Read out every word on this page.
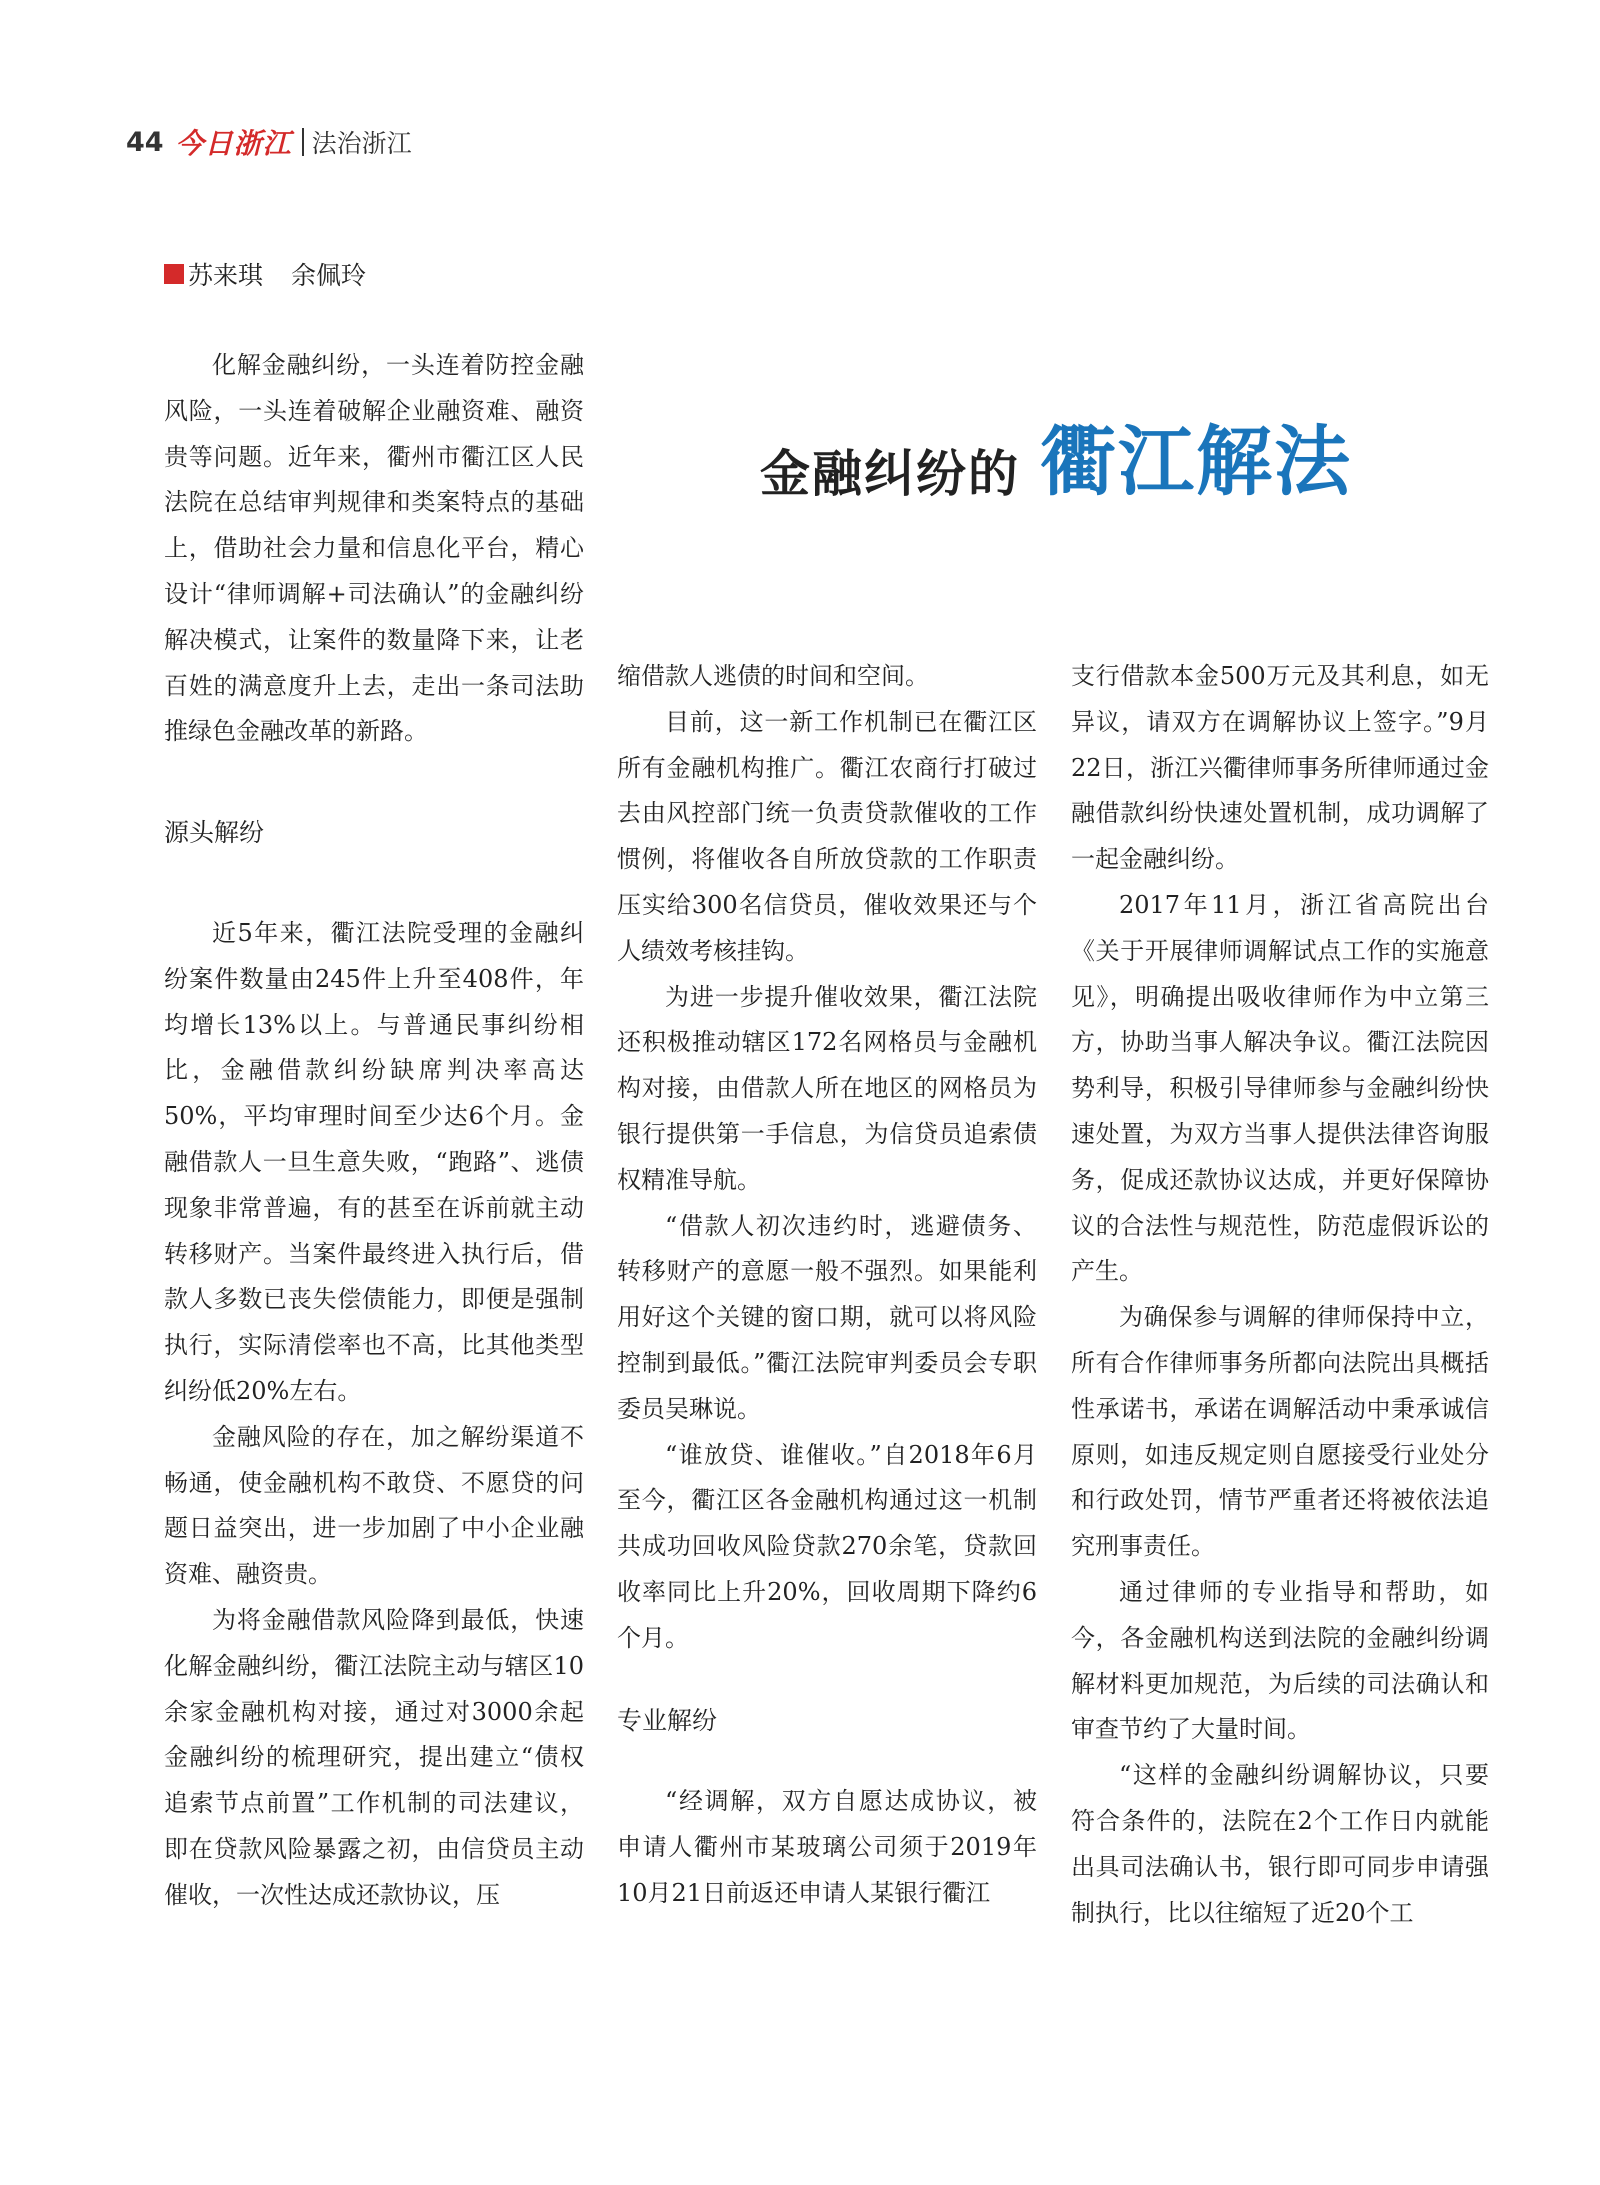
44 今日浙江 法治浙江
苏来琪 余佩玲
金融纠纷的 衢江解法

化解金融纠纷，一头连着防控金融风险，一头连着破解企业融资难、融资贵等问题。近年来，衢州市衢江区人民法院在总结审判规律和类案特点的基础上，借助社会力量和信息化平台，精心设计“律师调解+司法确认”的金融纠纷解决模式，让案件的数量降下来，让老百姓的满意度升上去，走出一条司法助推绿色金融改革的新路。

源头解纷

近5年来，衢江法院受理的金融纠纷案件数量由245件上升至408件，年均增长13%以上。与普通民事纠纷相比，金融借款纠纷缺席判决率高达50%，平均审理时间至少达6个月。金融借款人一旦生意失败，“跑路”、逃债现象非常普遍，有的甚至在诉前就主动转移财产。当案件最终进入执行后，借款人多数已丧失偿债能力，即便是强制执行，实际清偿率也不高，比其他类型纠纷低20%左右。

金融风险的存在，加之解纷渠道不畅通，使金融机构不敢贷、不愿贷的问题日益突出，进一步加剧了中小企业融资难、融资贵。

为将金融借款风险降到最低，快速化解金融纠纷，衢江法院主动与辖区10余家金融机构对接，通过对3000余起金融纠纷的梳理研究，提出建立“债权追索节点前置”工作机制的司法建议，即在贷款风险暴露之初，由信贷员主动催收，一次性达成还款协议，压

缩借款人逃债的时间和空间。

目前，这一新工作机制已在衢江区所有金融机构推广。衢江农商行打破过去由风控部门统一负责贷款催收的工作惯例，将催收各自所放贷款的工作职责压实给300名信贷员，催收效果还与个人绩效考核挂钩。

为进一步提升催收效果，衢江法院还积极推动辖区172名网格员与金融机构对接，由借款人所在地区的网格员为银行提供第一手信息，为信贷员追索债权精准导航。

“借款人初次违约时，逃避债务、转移财产的意愿一般不强烈。如果能利用好这个关键的窗口期，就可以将风险控制到最低。”衢江法院审判委员会专职委员吴琳说。

“谁放贷、谁催收。”自2018年6月至今，衢江区各金融机构通过这一机制共成功回收风险贷款270余笔，贷款回收率同比上升20%，回收周期下降约6个月。

专业解纷

“经调解，双方自愿达成协议，被申请人衢州市某玻璃公司须于2019年10月21日前返还申请人某银行衢江

支行借款本金500万元及其利息，如无异议，请双方在调解协议上签字。”9月22日，浙江兴衢律师事务所律师通过金融借款纠纷快速处置机制，成功调解了一起金融纠纷。

2017年11月，浙江省高院出台《关于开展律师调解试点工作的实施意见》，明确提出吸收律师作为中立第三方，协助当事人解决争议。衢江法院因势利导，积极引导律师参与金融纠纷快速处置，为双方当事人提供法律咨询服务，促成还款协议达成，并更好保障协议的合法性与规范性，防范虚假诉讼的产生。

为确保参与调解的律师保持中立，所有合作律师事务所都向法院出具概括性承诺书，承诺在调解活动中秉承诚信原则，如违反规定则自愿接受行业处分和行政处罚，情节严重者还将被依法追究刑事责任。

通过律师的专业指导和帮助，如今，各金融机构送到法院的金融纠纷调解材料更加规范，为后续的司法确认和审查节约了大量时间。

“这样的金融纠纷调解协议，只要符合条件的，法院在2个工作日内就能出具司法确认书，银行即可同步申请强制执行，比以往缩短了近20个工
